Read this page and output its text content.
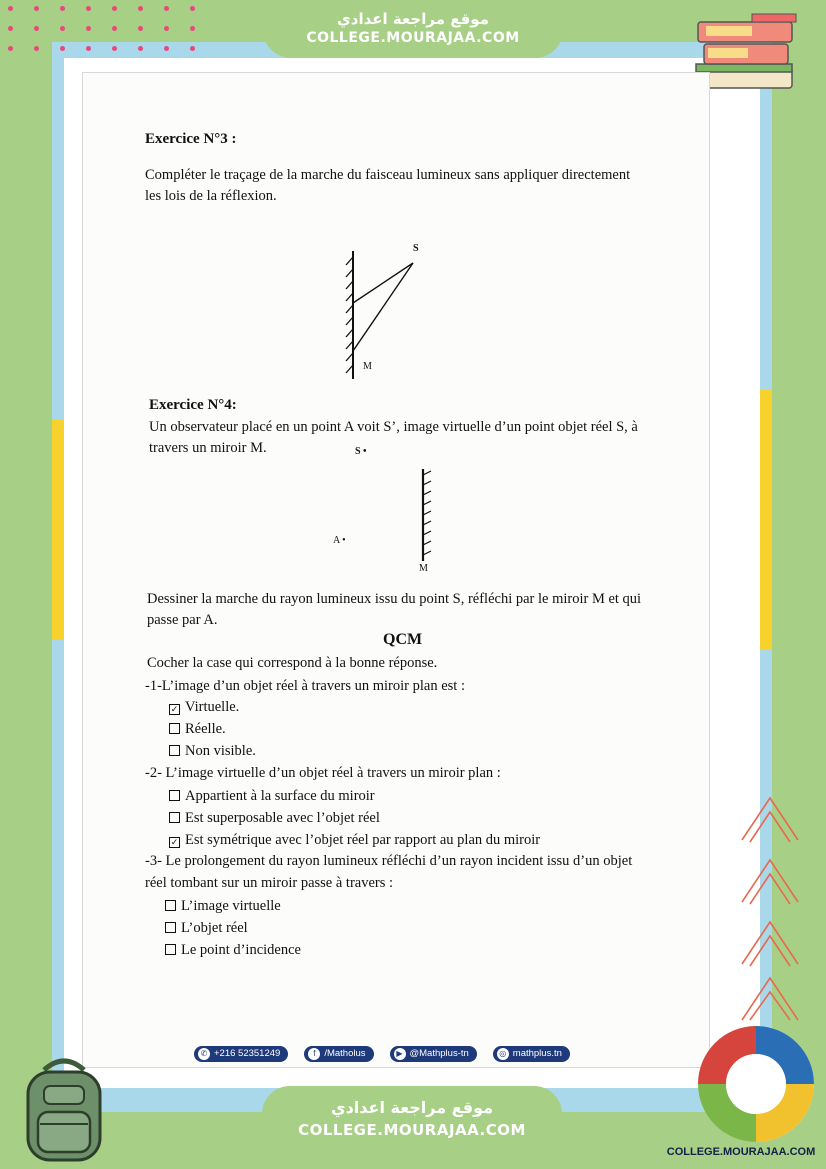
موقع مراجعة اعدادي
COLLEGE.MOURAJAA.COM
Exercice N°3 :
Compléter le traçage de la marche du faisceau lumineux sans appliquer directement
les lois de la réflexion.
S
M
Exercice N°4:
Un observateur placé en un point A voit S’, image virtuelle d’un point objet réel S, à
travers un miroir M.	S •
A •
M
Dessiner la marche du rayon lumineux issu du point S, réfléchi par le miroir M et qui
passe par A.
QCM
Cocher la case qui correspond à la bonne réponse.
-1-L’image d’un objet réel à travers un miroir plan est :
✓ Virtuelle.
Réelle.
Non visible.
-2- L’image virtuelle d’un objet réel à travers un miroir plan :
Appartient à la surface du miroir
Est superposable avec l’objet réel
✓ Est symétrique avec l’objet réel par rapport au plan du miroir
-3- Le prolongement du rayon lumineux réfléchi d’un rayon incident issu d’un objet
réel tombant sur un miroir passe à travers :
L’image virtuelle
L’objet réel
Le point d’incidence
✆ +216 52351249	f /Matholus	▶ @Mathplus-tn	◎ mathplus.tn
موقع مراجعة اعدادي
COLLEGE.MOURAJAA.COM
COLLEGE.MOURAJAA.COM
